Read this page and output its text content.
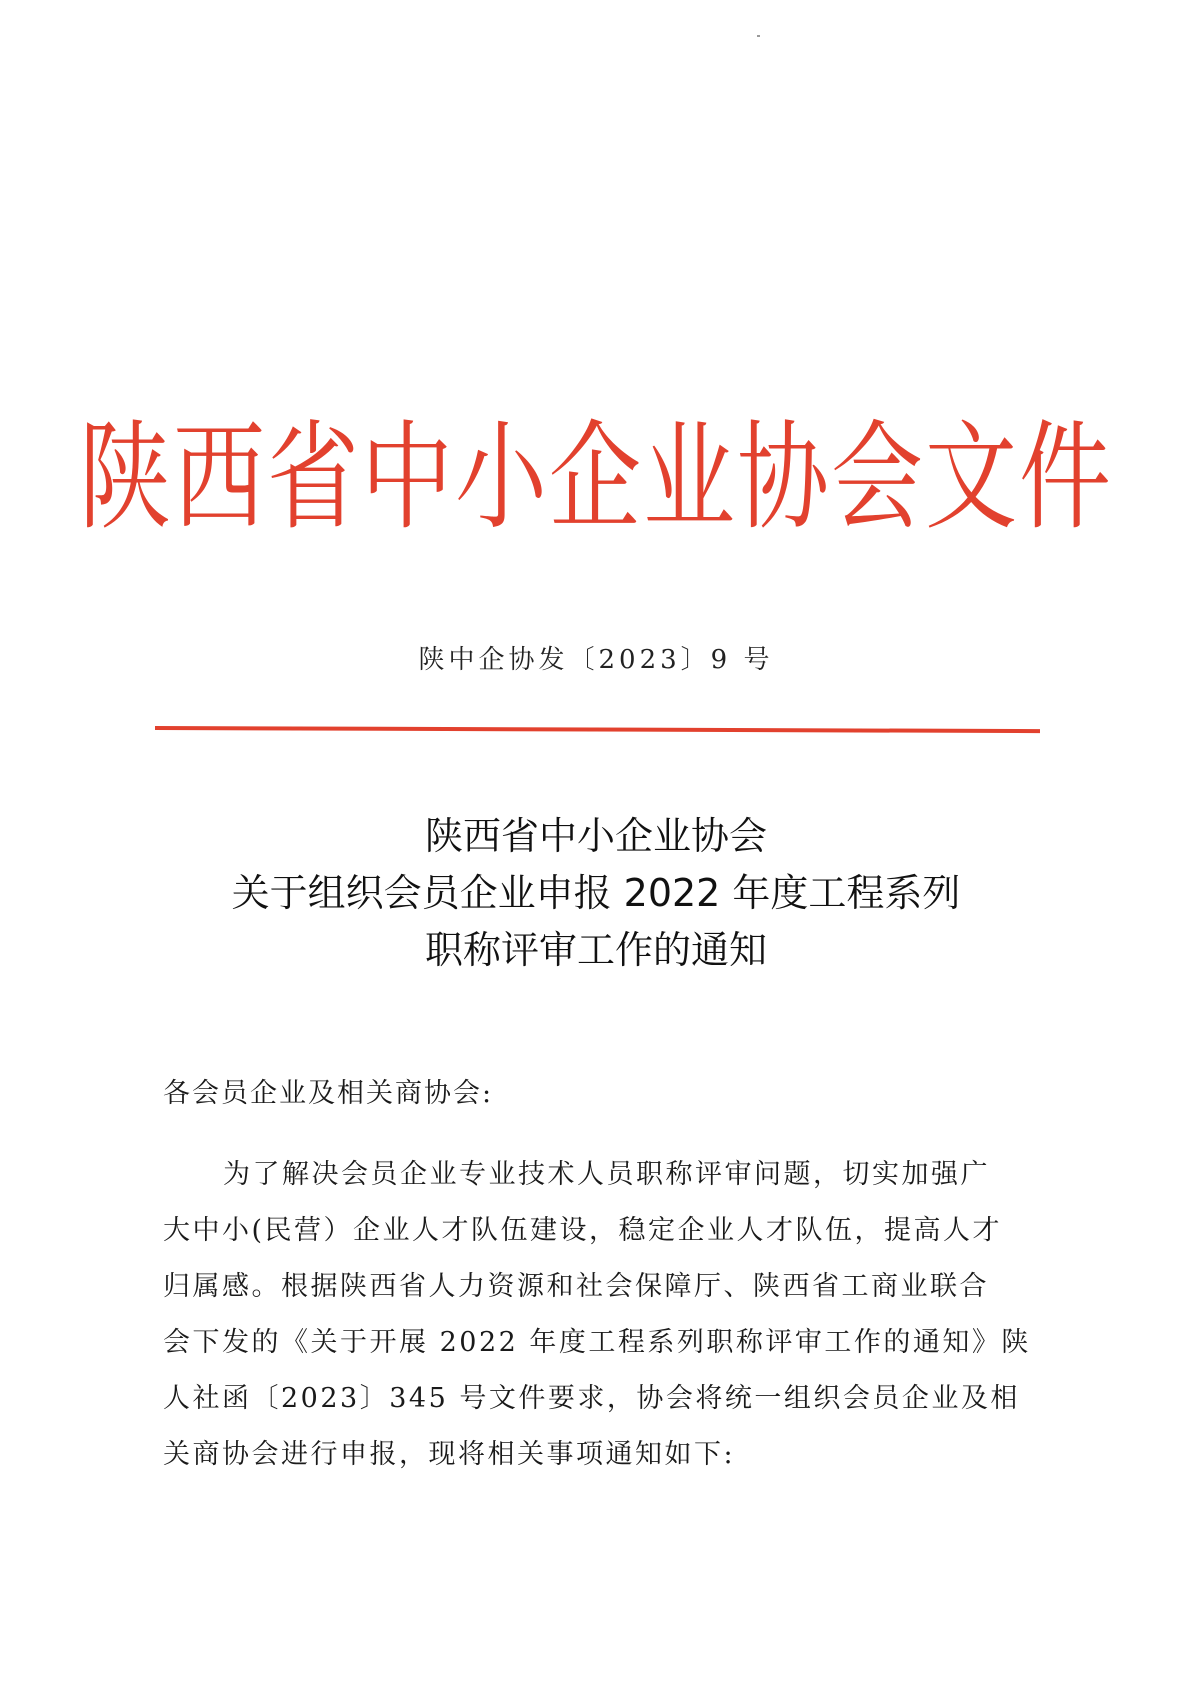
陕西省中小企业协会文件
陕中企协发〔2023〕9 号
陕西省中小企业协会
关于组织会员企业申报 2022 年度工程系列
职称评审工作的通知
各会员企业及相关商协会:
为了解决会员企业专业技术人员职称评审问题，切实加强广
大中小(民营）企业人才队伍建设，稳定企业人才队伍，提高人才
归属感。根据陕西省人力资源和社会保障厅、陕西省工商业联合
会下发的《关于开展 2022 年度工程系列职称评审工作的通知》陕
人社函〔2023〕345 号文件要求，协会将统一组织会员企业及相
关商协会进行申报，现将相关事项通知如下:
